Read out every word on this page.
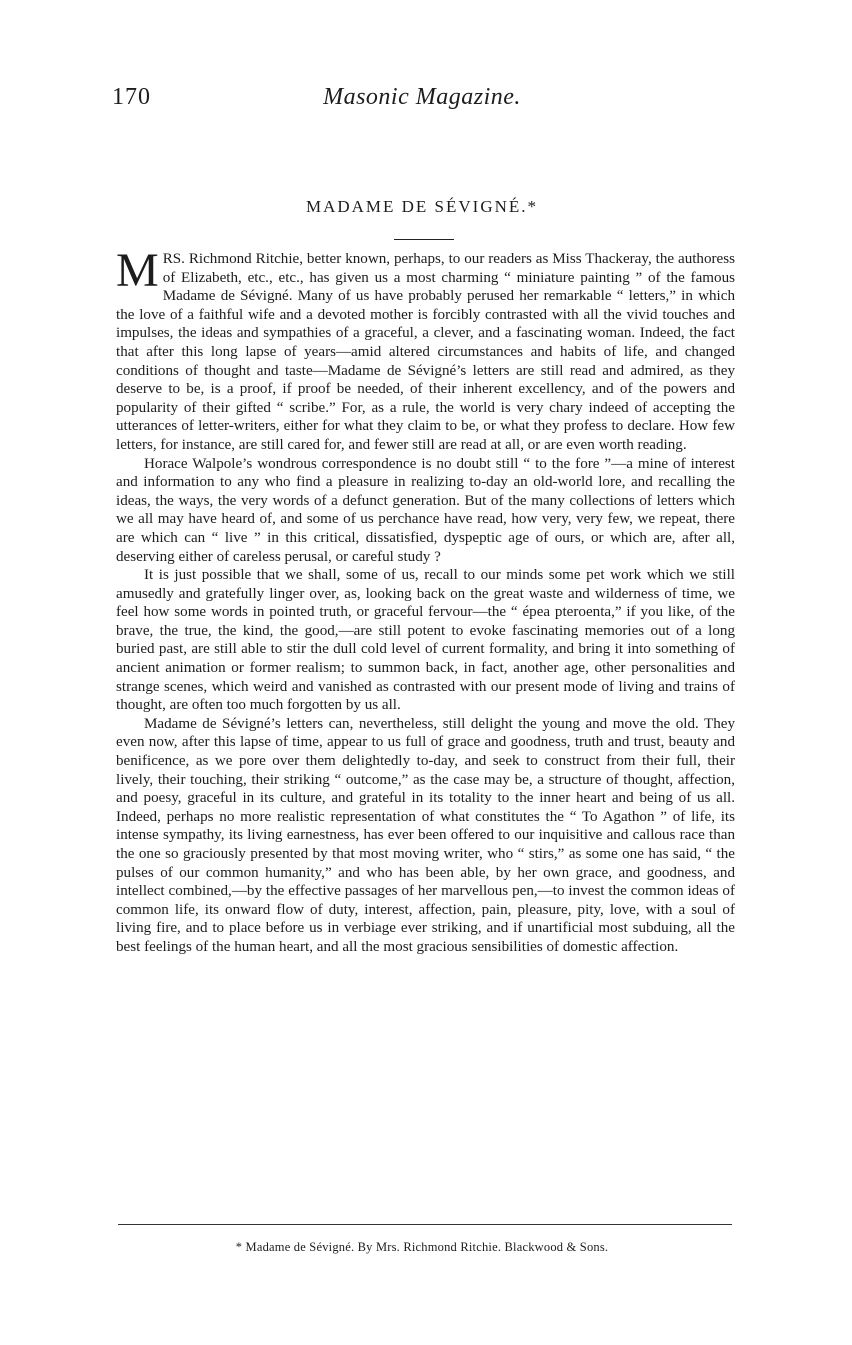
170	Masonic Magazine.
MADAME DE SÉVIGNÉ.*

MRS. Richmond Ritchie, better known, perhaps, to our readers as Miss Thackeray, the authoress of Elizabeth, etc., etc., has given us a most charming “ miniature painting ” of the famous Madame de Sévigné. Many of us have probably perused her remarkable “ letters,” in which the love of a faithful wife and a devoted mother is forcibly contrasted with all the vivid touches and impulses, the ideas and sympathies of a graceful, a clever, and a fascinating woman. Indeed, the fact that after this long lapse of years—amid altered circumstances and habits of life, and changed conditions of thought and taste—Madame de Sévigné’s letters are still read and admired, as they deserve to be, is a proof, if proof be needed, of their inherent excellency, and of the powers and popularity of their gifted “ scribe.” For, as a rule, the world is very chary indeed of accepting the utterances of letter-writers, either for what they claim to be, or what they profess to declare. How few letters, for instance, are still cared for, and fewer still are read at all, or are even worth reading.

Horace Walpole’s wondrous correspondence is no doubt still “ to the fore ”—a mine of interest and information to any who find a pleasure in realizing to-day an old-world lore, and recalling the ideas, the ways, the very words of a defunct generation. But of the many collections of letters which we all may have heard of, and some of us perchance have read, how very, very few, we repeat, there are which can “ live ” in this critical, dissatisfied, dyspeptic age of ours, or which are, after all, deserving either of careless perusal, or careful study ?

It is just possible that we shall, some of us, recall to our minds some pet work which we still amusedly and gratefully linger over, as, looking back on the great waste and wilderness of time, we feel how some words in pointed truth, or graceful fervour—the “ épea pteroenta,” if you like, of the brave, the true, the kind, the good,—are still potent to evoke fascinating memories out of a long buried past, are still able to stir the dull cold level of current formality, and bring it into something of ancient animation or former realism; to summon back, in fact, another age, other personalities and strange scenes, which weird and vanished as contrasted with our present mode of living and trains of thought, are often too much forgotten by us all.

Madame de Sévigné’s letters can, nevertheless, still delight the young and move the old. They even now, after this lapse of time, appear to us full of grace and goodness, truth and trust, beauty and benificence, as we pore over them delightedly to-day, and seek to construct from their full, their lively, their touching, their striking “ outcome,” as the case may be, a structure of thought, affection, and poesy, graceful in its culture, and grateful in its totality to the inner heart and being of us all. Indeed, perhaps no more realistic representation of what constitutes the “ To Agathon ” of life, its intense sympathy, its living earnestness, has ever been offered to our inquisitive and callous race than the one so graciously presented by that most moving writer, who “ stirs,” as some one has said, “ the pulses of our common humanity,” and who has been able, by her own grace, and goodness, and intellect combined,—by the effective passages of her marvellous pen,—to invest the common ideas of common life, its onward flow of duty, interest, affection, pain, pleasure, pity, love, with a soul of living fire, and to place before us in verbiage ever striking, and if unartificial most subduing, all the best feelings of the human heart, and all the most gracious sensibilities of domestic affection.

* Madame de Sévigné. By Mrs. Richmond Ritchie. Blackwood & Sons.
